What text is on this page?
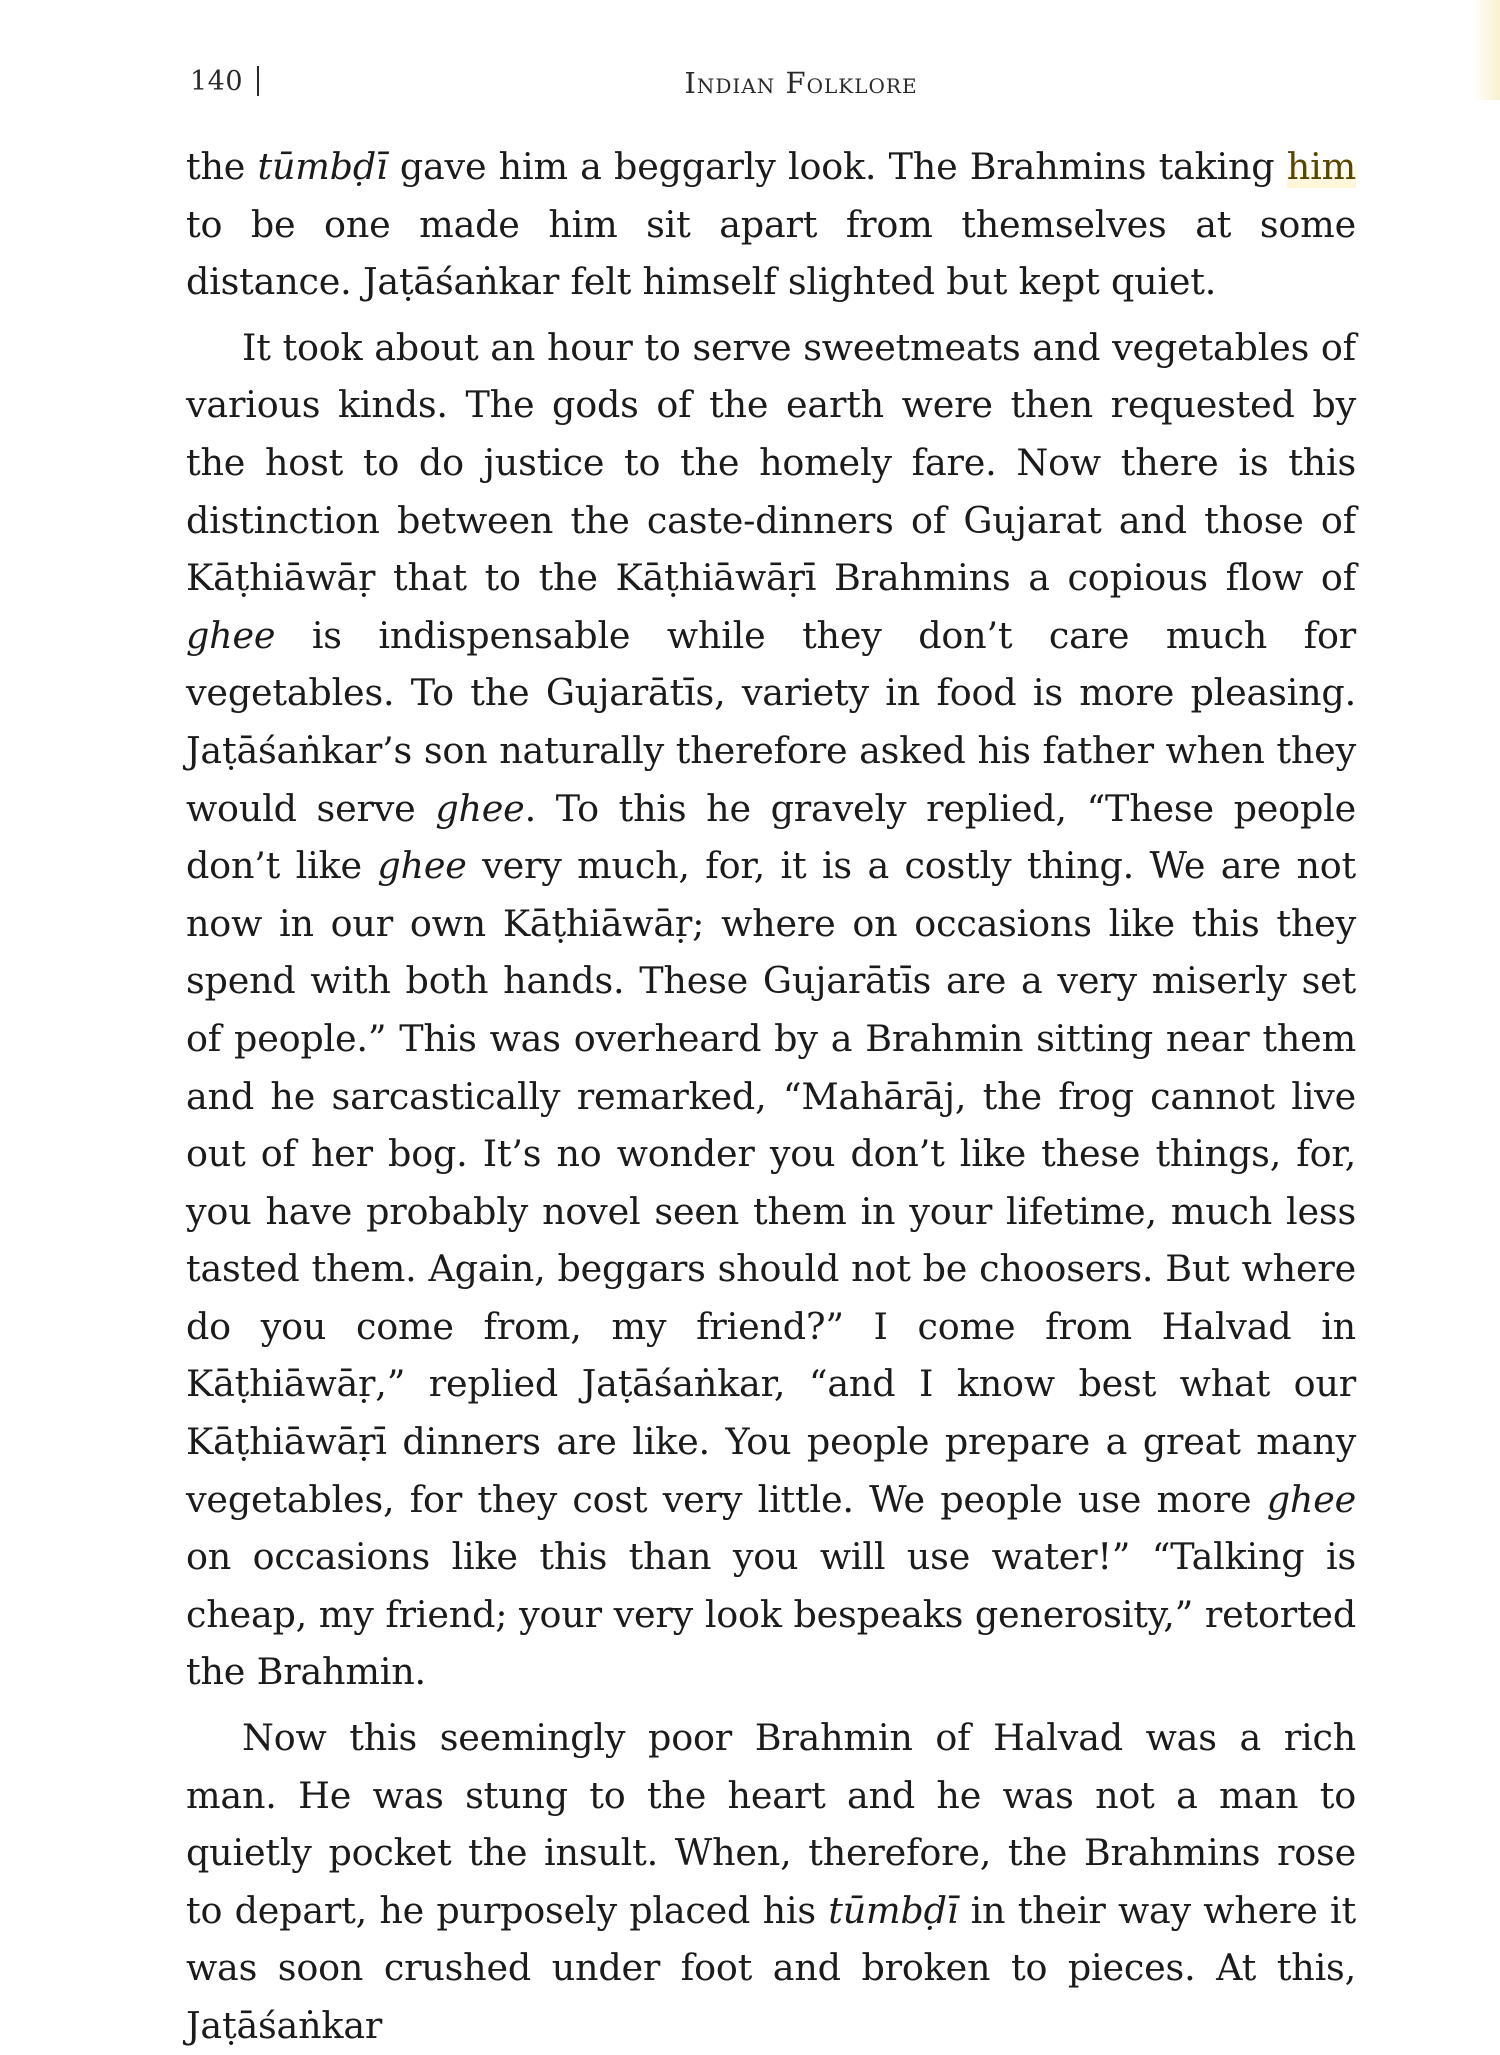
140	Indian Folklore

the tūmbḍī gave him a beggarly look. The Brahmins taking him to be one made him sit apart from themselves at some distance. Jaṭāśaṅkar felt himself slighted but kept quiet.

It took about an hour to serve sweetmeats and vegetables of various kinds. The gods of the earth were then requested by the host to do justice to the homely fare. Now there is this distinction between the caste-dinners of Gujarat and those of Kāṭhiāwāṛ that to the Kāṭhiāwāṛī Brahmins a copious flow of ghee is indispensable while they don’t care much for vegetables. To the Gujarātīs, variety in food is more pleasing. Jaṭāśaṅkar’s son naturally therefore asked his father when they would serve ghee. To this he gravely replied, “These people don’t like ghee very much, for, it is a costly thing. We are not now in our own Kāṭhiāwāṛ; where on occasions like this they spend with both hands. These Gujarātīs are a very miserly set of people.” This was overheard by a Brahmin sitting near them and he sarcastically remarked, “Mahārāj, the frog cannot live out of her bog. It’s no wonder you don’t like these things, for, you have probably novel seen them in your lifetime, much less tasted them. Again, beggars should not be choosers. But where do you come from, my friend?” I come from Halvad in Kāṭhiāwāṛ,” replied Jaṭāśaṅkar, “and I know best what our Kāṭhiāwāṛī dinners are like. You people prepare a great many vegetables, for they cost very little. We people use more ghee on occasions like this than you will use water!” “Talking is cheap, my friend; your very look bespeaks generosity,” retorted the Brahmin.

Now this seemingly poor Brahmin of Halvad was a rich man. He was stung to the heart and he was not a man to quietly pocket the insult. When, therefore, the Brahmins rose to depart, he purposely placed his tūmbḍī in their way where it was soon crushed under foot and broken to pieces. At this, Jaṭāśaṅkar
